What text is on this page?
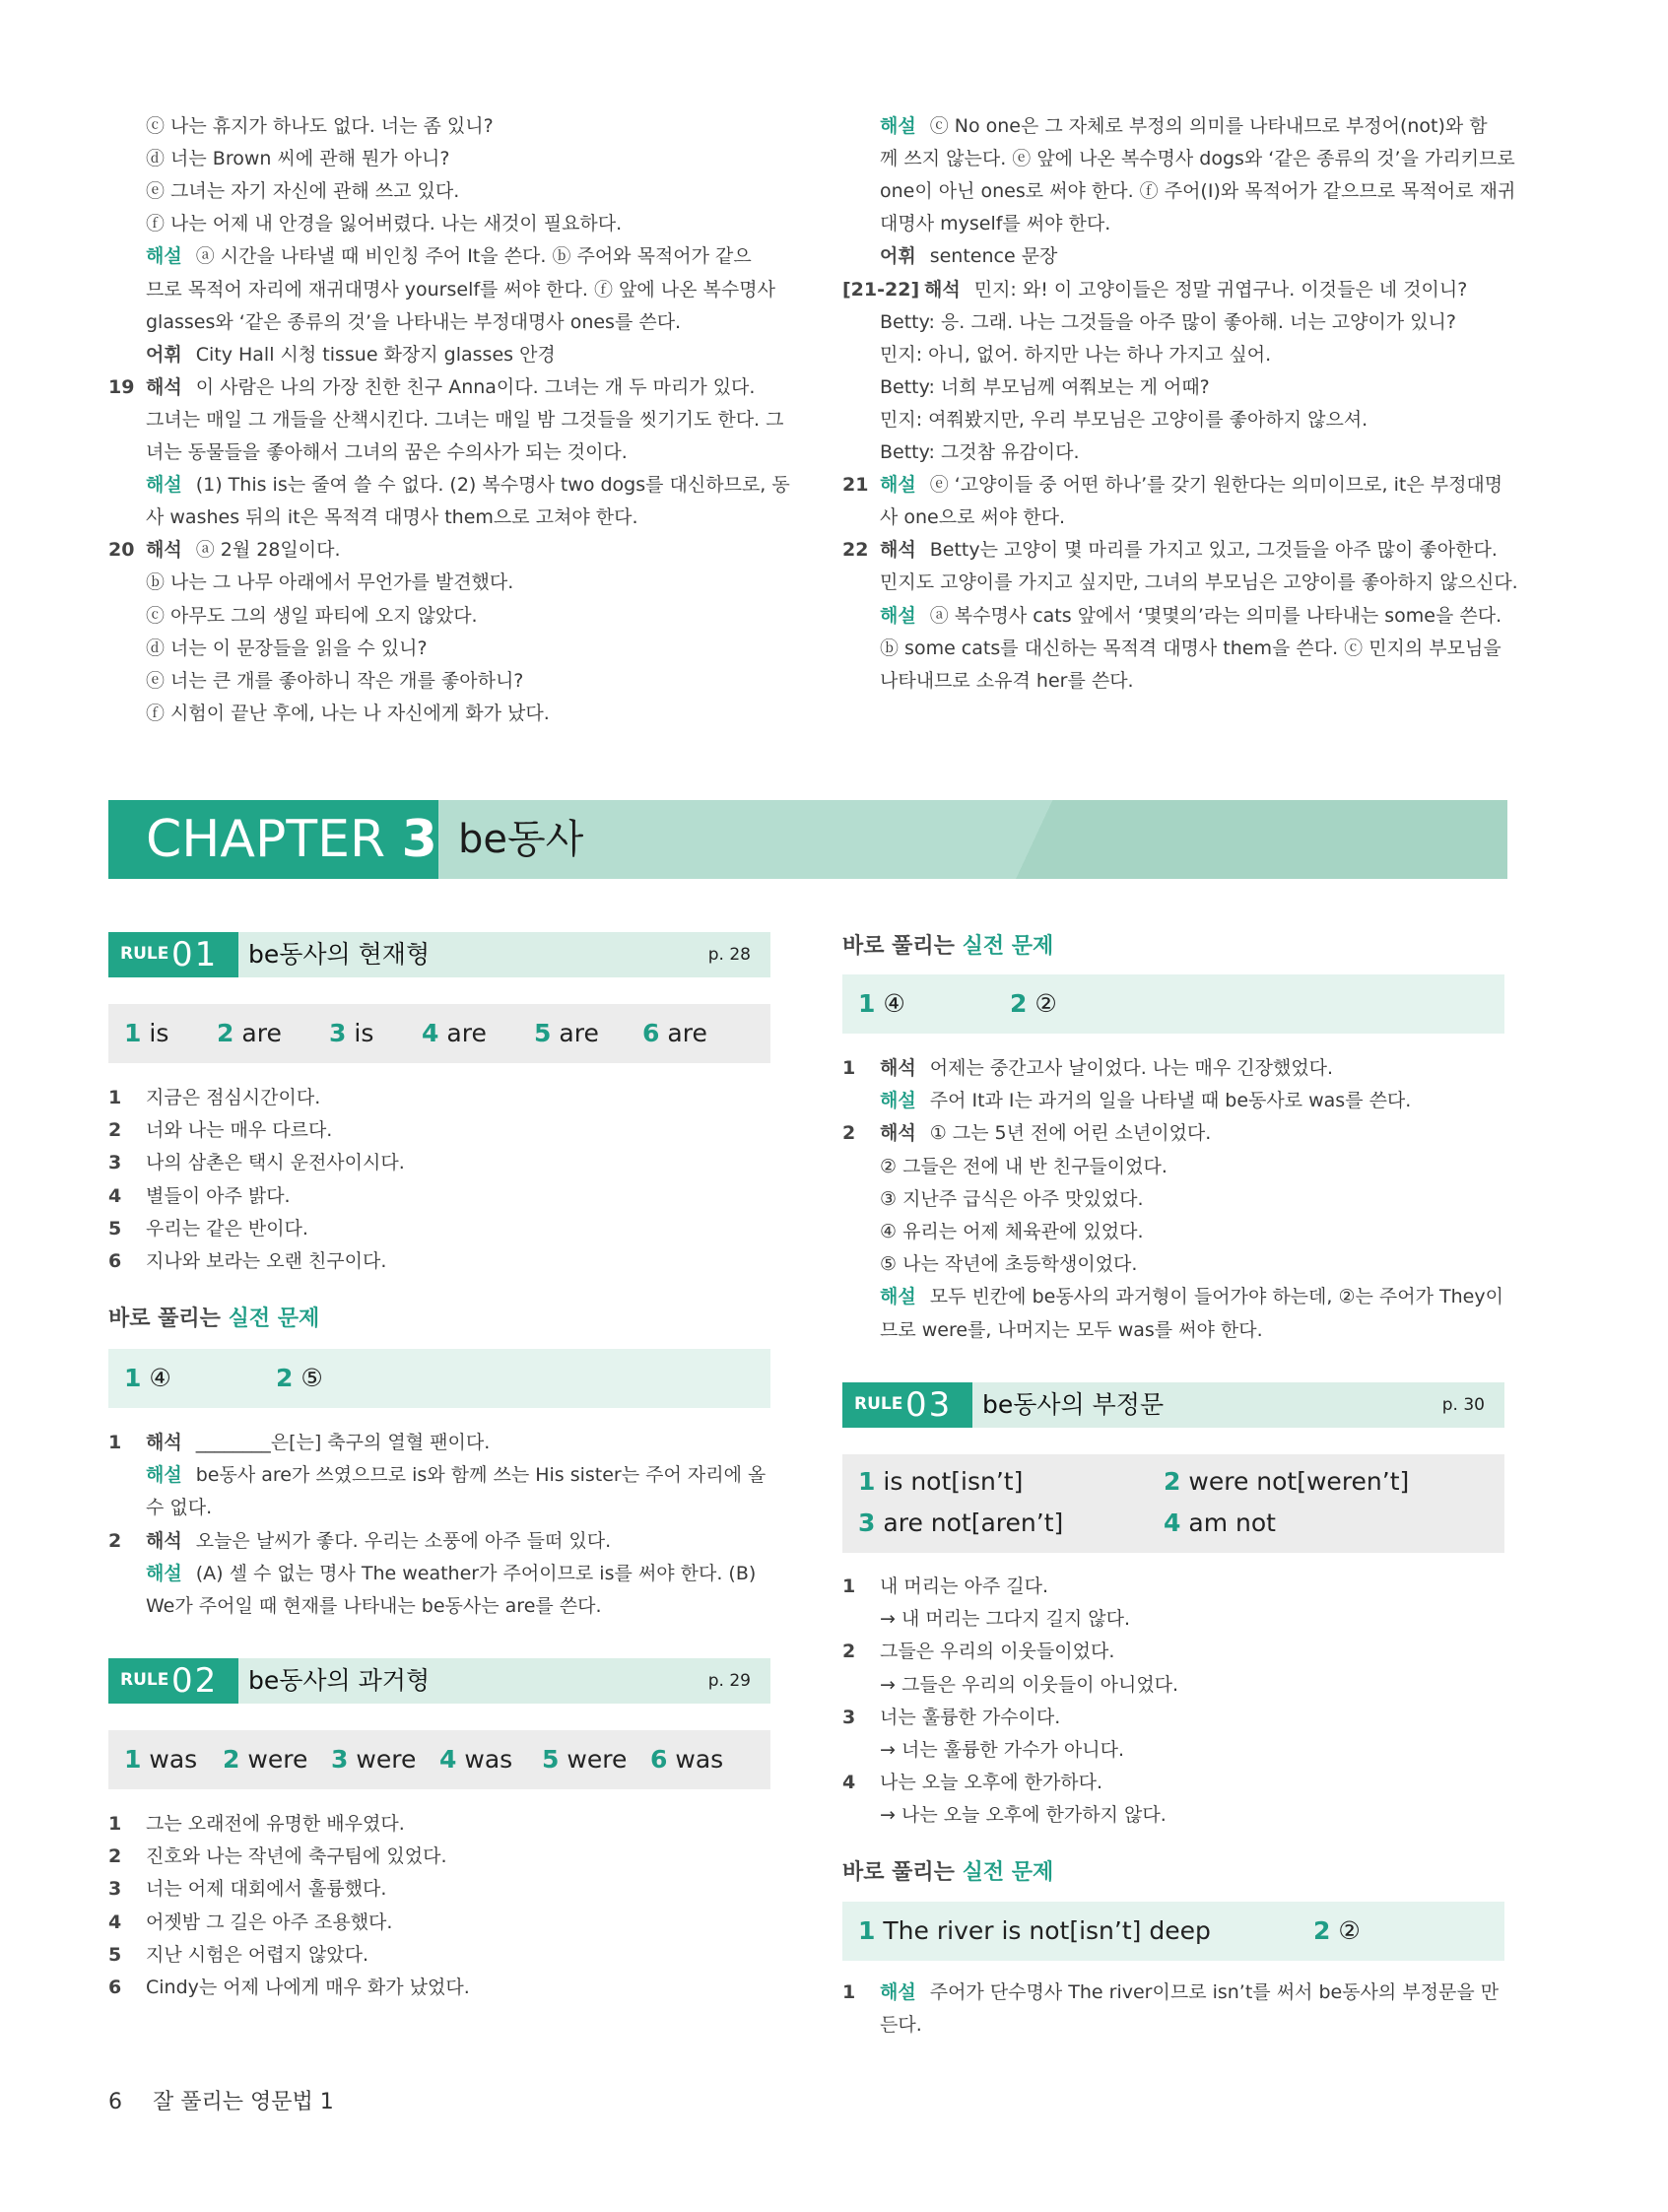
ⓒ 나는 휴지가 하나도 없다. 너는 좀 있니?
ⓓ 너는 Brown 씨에 관해 뭔가 아니?
ⓔ 그녀는 자기 자신에 관해 쓰고 있다.
ⓕ 나는 어제 내 안경을 잃어버렸다. 나는 새것이 필요하다.
해설 ⓐ 시간을 나타낼 때 비인칭 주어 It을 쓴다. ⓑ 주어와 목적어가 같으
므로 목적어 자리에 재귀대명사 yourself를 써야 한다. ⓕ 앞에 나온 복수명사
glasses와 ‘같은 종류의 것’을 나타내는 부정대명사 ones를 쓴다.
어휘 City Hall 시청 tissue 화장지 glasses 안경
19 해석 이 사람은 나의 가장 친한 친구 Anna이다. 그녀는 개 두 마리가 있다.
그녀는 매일 그 개들을 산책시킨다. 그녀는 매일 밤 그것들을 씻기기도 한다. 그
녀는 동물들을 좋아해서 그녀의 꿈은 수의사가 되는 것이다.
해설 (1) This is는 줄여 쓸 수 없다. (2) 복수명사 two dogs를 대신하므로, 동
사 washes 뒤의 it은 목적격 대명사 them으로 고쳐야 한다.
20 해석 ⓐ 2월 28일이다.
ⓑ 나는 그 나무 아래에서 무언가를 발견했다.
ⓒ 아무도 그의 생일 파티에 오지 않았다.
ⓓ 너는 이 문장들을 읽을 수 있니?
ⓔ 너는 큰 개를 좋아하니 작은 개를 좋아하니?
ⓕ 시험이 끝난 후에, 나는 나 자신에게 화가 났다.
해설 ⓒ No one은 그 자체로 부정의 의미를 나타내므로 부정어(not)와 함
께 쓰지 않는다. ⓔ 앞에 나온 복수명사 dogs와 ‘같은 종류의 것’을 가리키므로
one이 아닌 ones로 써야 한다. ⓕ 주어(I)와 목적어가 같으므로 목적어로 재귀
대명사 myself를 써야 한다.
어휘 sentence 문장
[21-22] 해석 민지: 와! 이 고양이들은 정말 귀엽구나. 이것들은 네 것이니?
Betty: 응. 그래. 나는 그것들을 아주 많이 좋아해. 너는 고양이가 있니?
민지: 아니, 없어. 하지만 나는 하나 가지고 싶어.
Betty: 너희 부모님께 여쭤보는 게 어때?
민지: 여쭤봤지만, 우리 부모님은 고양이를 좋아하지 않으셔.
Betty: 그것참 유감이다.
21 해설 ⓔ ‘고양이들 중 어떤 하나’를 갖기 원한다는 의미이므로, it은 부정대명
사 one으로 써야 한다.
22 해석 Betty는 고양이 몇 마리를 가지고 있고, 그것들을 아주 많이 좋아한다.
민지도 고양이를 가지고 싶지만, 그녀의 부모님은 고양이를 좋아하지 않으신다.
해설 ⓐ 복수명사 cats 앞에서 ‘몇몇의’라는 의미를 나타내는 some을 쓴다.
ⓑ some cats를 대신하는 목적격 대명사 them을 쓴다. ⓒ 민지의 부모님을
나타내므로 소유격 her를 쓴다.
CHAPTER 3 be동사
RULE 01 be동사의 현재형	p. 28
RULE 02 be동사의 과거형	p. 29
RULE 03 be동사의 부정문	p. 30
1 is 2 are 3 is 4 are 5 are 6 are
1 was 2 were 3 were 4 was 5 were 6 was
1 is not[isn’t]	2 were not[weren’t]
3 are not[aren’t]	4 am not
바로 풀리는 실전 문제
바로 풀리는 실전 문제
바로 풀리는 실전 문제
1 ④	2 ⑤
1 ④	2 ②
1 The river is not[isn’t] deep	2 ②
1	지금은 점심시간이다.
2	너와 나는 매우 다르다.
3	나의 삼촌은 택시 운전사이시다.
4	별들이 아주 밝다.
5	우리는 같은 반이다.
6	지나와 보라는 오랜 친구이다.
1	해석 ________은[는] 축구의 열혈 팬이다.
해설 be동사 are가 쓰였으므로 is와 함께 쓰는 His sister는 주어 자리에 올
수 없다.
2	해석 오늘은 날씨가 좋다. 우리는 소풍에 아주 들떠 있다.
해설 (A) 셀 수 없는 명사 The weather가 주어이므로 is를 써야 한다. (B)
We가 주어일 때 현재를 나타내는 be동사는 are를 쓴다.
1	그는 오래전에 유명한 배우였다.
2	진호와 나는 작년에 축구팀에 있었다.
3	너는 어제 대회에서 훌륭했다.
4	어젯밤 그 길은 아주 조용했다.
5	지난 시험은 어렵지 않았다.
6	Cindy는 어제 나에게 매우 화가 났었다.
1	해석 어제는 중간고사 날이었다. 나는 매우 긴장했었다.
해설 주어 It과 I는 과거의 일을 나타낼 때 be동사로 was를 쓴다.
2	해석 ① 그는 5년 전에 어린 소년이었다.
② 그들은 전에 내 반 친구들이었다.
③ 지난주 급식은 아주 맛있었다.
④ 유리는 어제 체육관에 있었다.
⑤ 나는 작년에 초등학생이었다.
해설 모두 빈칸에 be동사의 과거형이 들어가야 하는데, ②는 주어가 They이
므로 were를, 나머지는 모두 was를 써야 한다.
1	내 머리는 아주 길다.
→ 내 머리는 그다지 길지 않다.
2	그들은 우리의 이웃들이었다.
→ 그들은 우리의 이웃들이 아니었다.
3	너는 훌륭한 가수이다.
→ 너는 훌륭한 가수가 아니다.
4	나는 오늘 오후에 한가하다.
→ 나는 오늘 오후에 한가하지 않다.
1	해설 주어가 단수명사 The river이므로 isn’t를 써서 be동사의 부정문을 만
든다.
6 잘 풀리는 영문법 1
